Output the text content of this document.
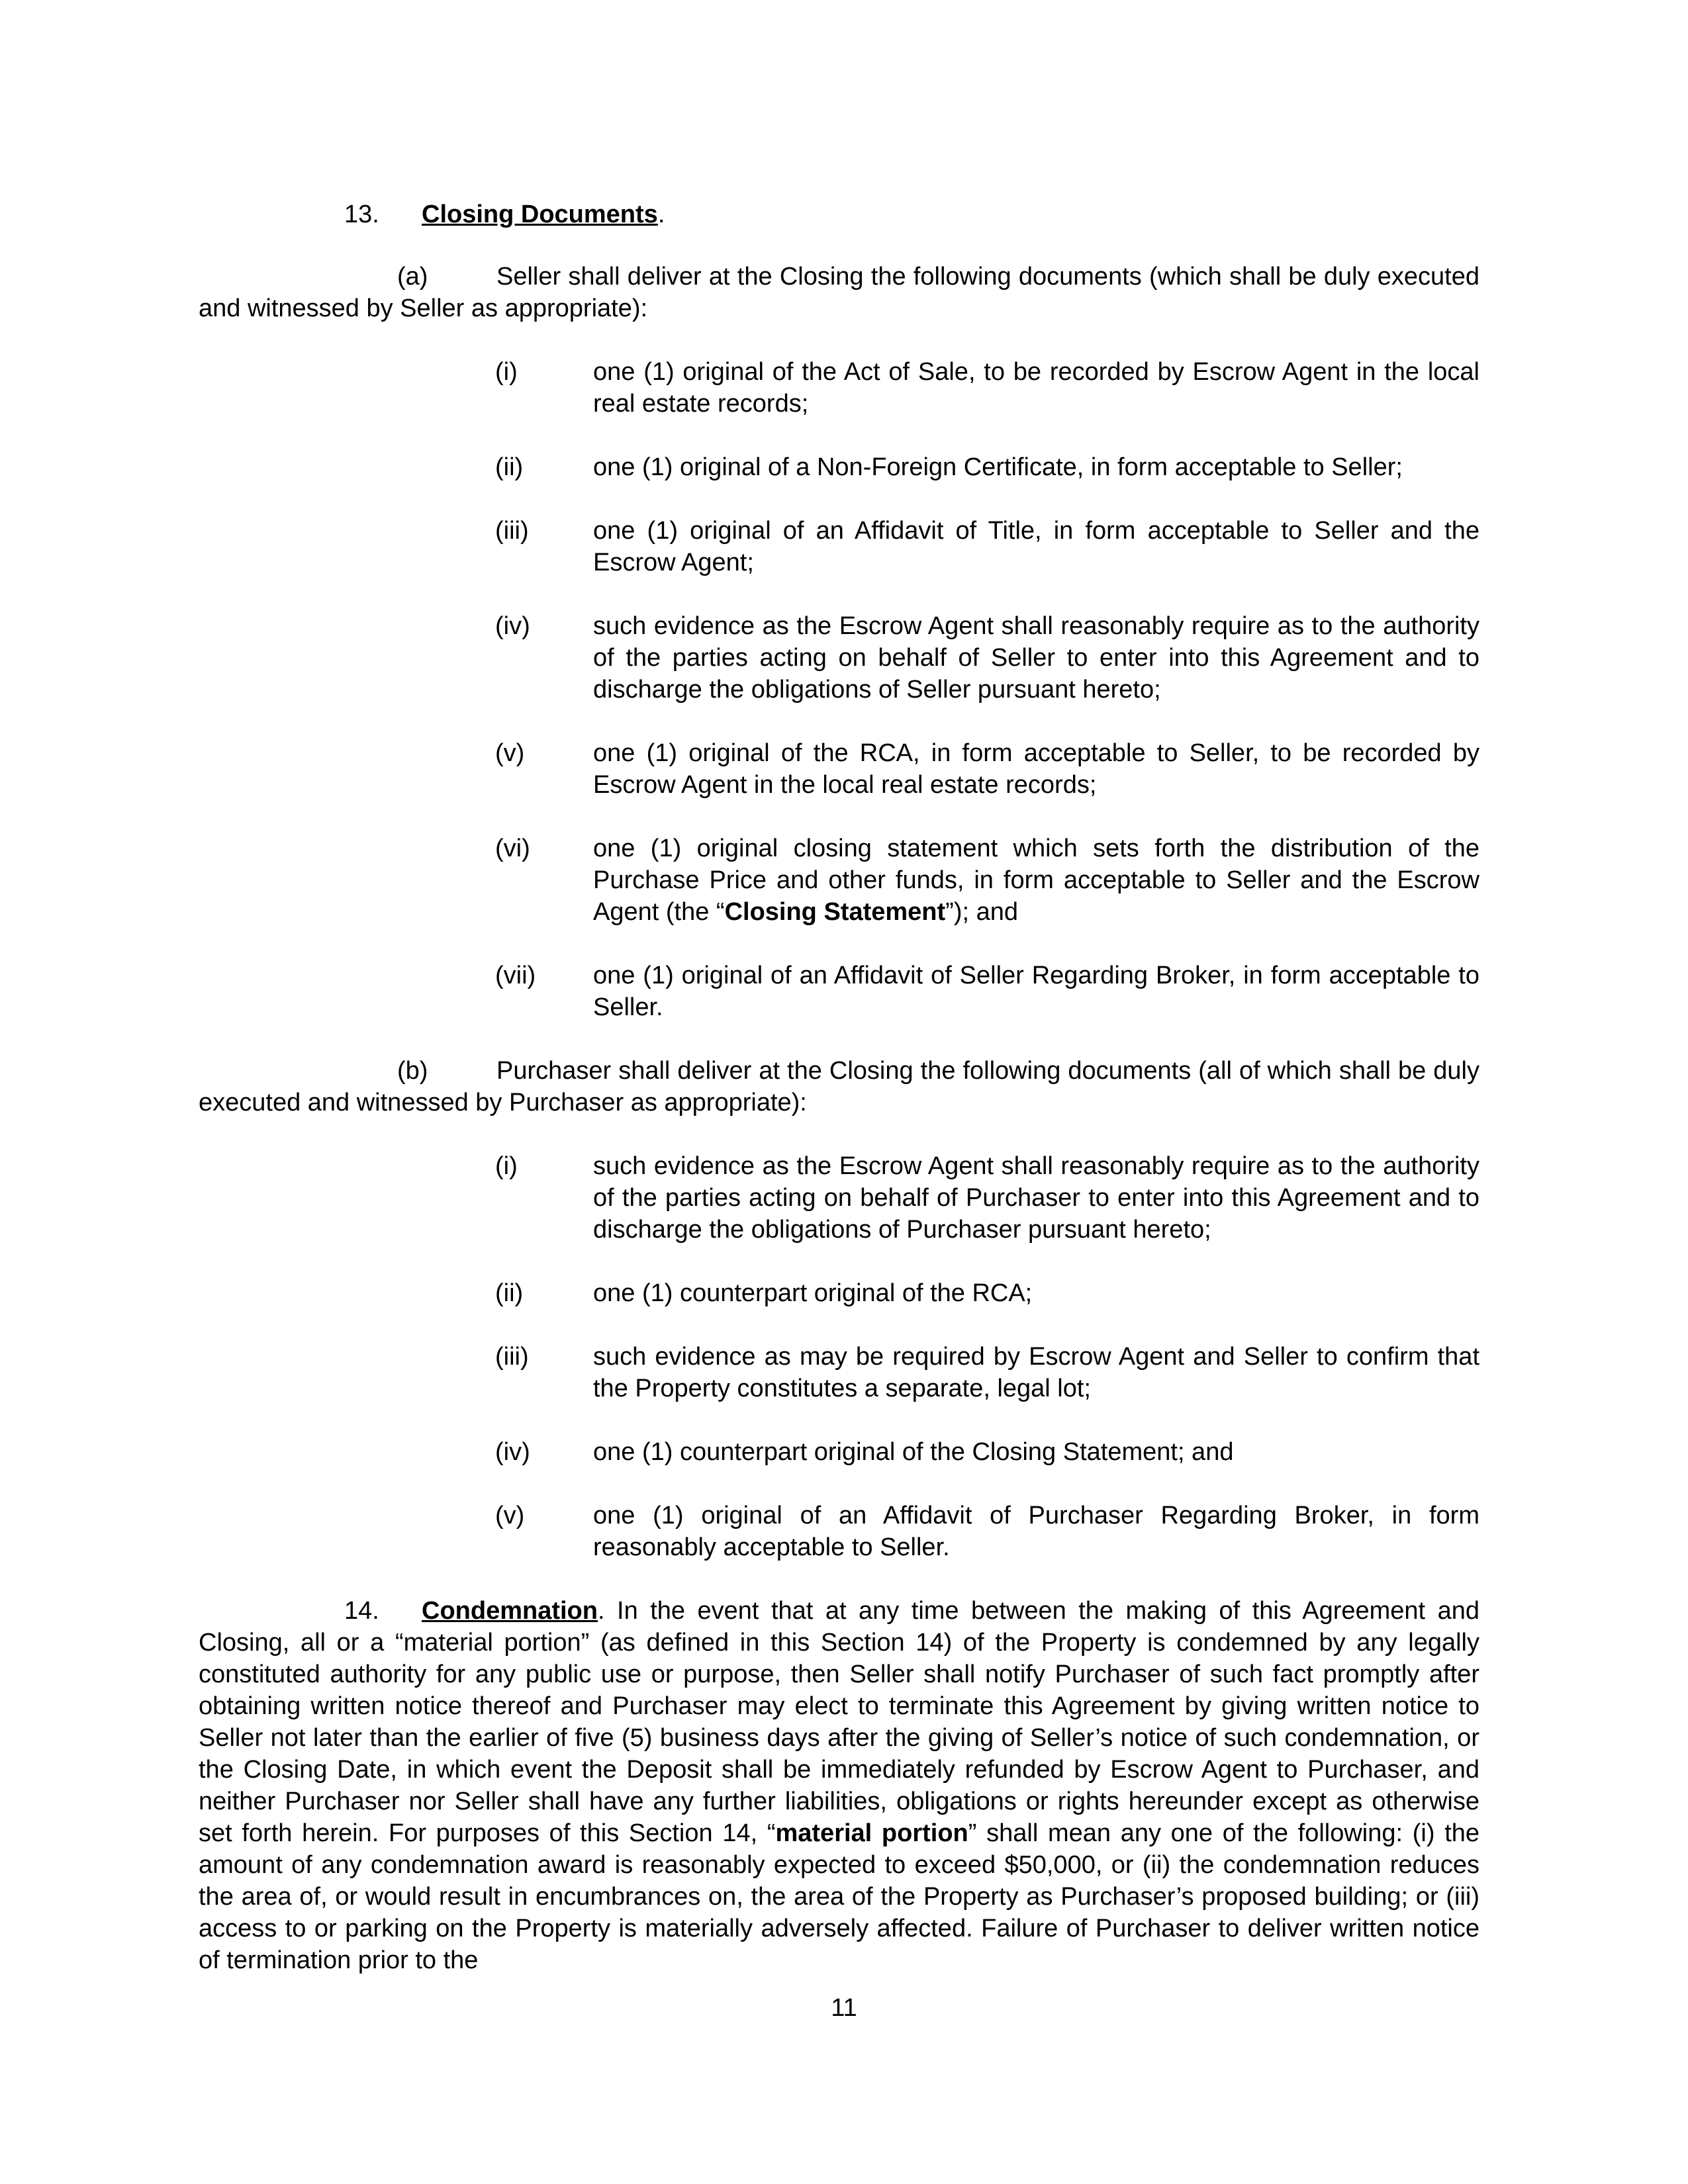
13. Closing Documents.
(a)	Seller shall deliver at the Closing the following documents (which shall be duly executed and witnessed by Seller as appropriate):
(i)	one (1) original of the Act of Sale, to be recorded by Escrow Agent in the local real estate records;
(ii)	one (1) original of a Non-Foreign Certificate, in form acceptable to Seller;
(iii)	one (1) original of an Affidavit of Title, in form acceptable to Seller and the Escrow Agent;
(iv)	such evidence as the Escrow Agent shall reasonably require as to the authority of the parties acting on behalf of Seller to enter into this Agreement and to discharge the obligations of Seller pursuant hereto;
(v)	one (1) original of the RCA, in form acceptable to Seller, to be recorded by Escrow Agent in the local real estate records;
(vi)	one (1) original closing statement which sets forth the distribution of the Purchase Price and other funds, in form acceptable to Seller and the Escrow Agent (the “Closing Statement”); and
(vii) one (1) original of an Affidavit of Seller Regarding Broker, in form acceptable to Seller.
(b)	Purchaser shall deliver at the Closing the following documents (all of which shall be duly executed and witnessed by Purchaser as appropriate):
(i)	such evidence as the Escrow Agent shall reasonably require as to the authority of the parties acting on behalf of Purchaser to enter into this Agreement and to discharge the obligations of Purchaser pursuant hereto;
(ii)	one (1) counterpart original of the RCA;
(iii)	such evidence as may be required by Escrow Agent and Seller to confirm that the Property constitutes a separate, legal lot;
(iv)	one (1) counterpart original of the Closing Statement; and
(v)	one (1) original of an Affidavit of Purchaser Regarding Broker, in form reasonably acceptable to Seller.
14. Condemnation. In the event that at any time between the making of this Agreement and Closing, all or a “material portion” (as defined in this Section 14) of the Property is condemned by any legally constituted authority for any public use or purpose, then Seller shall notify Purchaser of such fact promptly after obtaining written notice thereof and Purchaser may elect to terminate this Agreement by giving written notice to Seller not later than the earlier of five (5) business days after the giving of Seller’s notice of such condemnation, or the Closing Date, in which event the Deposit shall be immediately refunded by Escrow Agent to Purchaser, and neither Purchaser nor Seller shall have any further liabilities, obligations or rights hereunder except as otherwise set forth herein. For purposes of this Section 14, “material portion” shall mean any one of the following: (i) the amount of any condemnation award is reasonably expected to exceed $50,000, or (ii) the condemnation reduces the area of, or would result in encumbrances on, the area of the Property as Purchaser’s proposed building; or (iii) access to or parking on the Property is materially adversely affected. Failure of Purchaser to deliver written notice of termination prior to the
11
